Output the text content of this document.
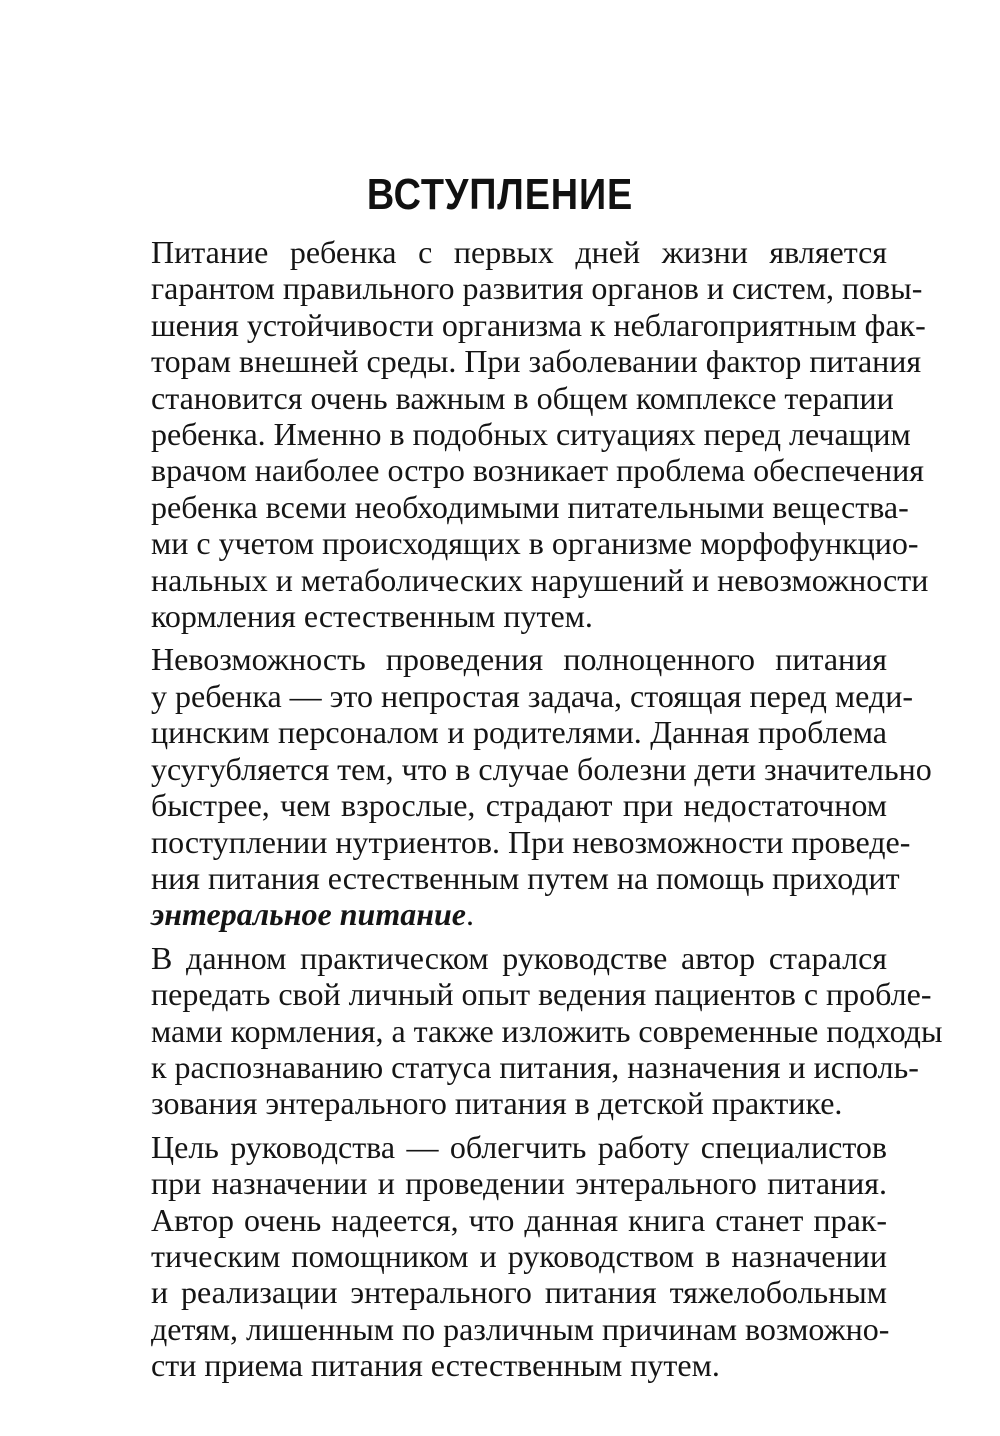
ВСТУПЛЕНИЕ
Питание ребенка с первых дней жизни является
гарантом правильного развития органов и систем, повы-
шения устойчивости организма к неблагоприятным фак-
торам внешней среды. При заболевании фактор питания
становится очень важным в общем комплексе терапии
ребенка. Именно в подобных ситуациях перед лечащим
врачом наиболее остро возникает проблема обеспечения
ребенка всеми необходимыми питательными вещества-
ми с учетом происходящих в организме морфофункцио-
нальных и метаболических нарушений и невозможности
кормления естественным путем.
Невозможность проведения полноценного питания
у ребенка — это непростая задача, стоящая перед меди-
цинским персоналом и родителями. Данная проблема
усугубляется тем, что в случае болезни дети значительно
быстрее, чем взрослые, страдают при недостаточном
поступлении нутриентов. При невозможности проведе-
ния питания естественным путем на помощь приходит
энтеральное питание.
В данном практическом руководстве автор старался
передать свой личный опыт ведения пациентов с пробле-
мами кормления, а также изложить современные подходы
к распознаванию статуса питания, назначения и исполь-
зования энтерального питания в детской практике.
Цель руководства — облегчить работу специалистов
при назначении и проведении энтерального питания.
Автор очень надеется, что данная книга станет прак-
тическим помощником и руководством в назначении
и реализации энтерального питания тяжелобольным
детям, лишенным по различным причинам возможно-
сти приема питания естественным путем.
